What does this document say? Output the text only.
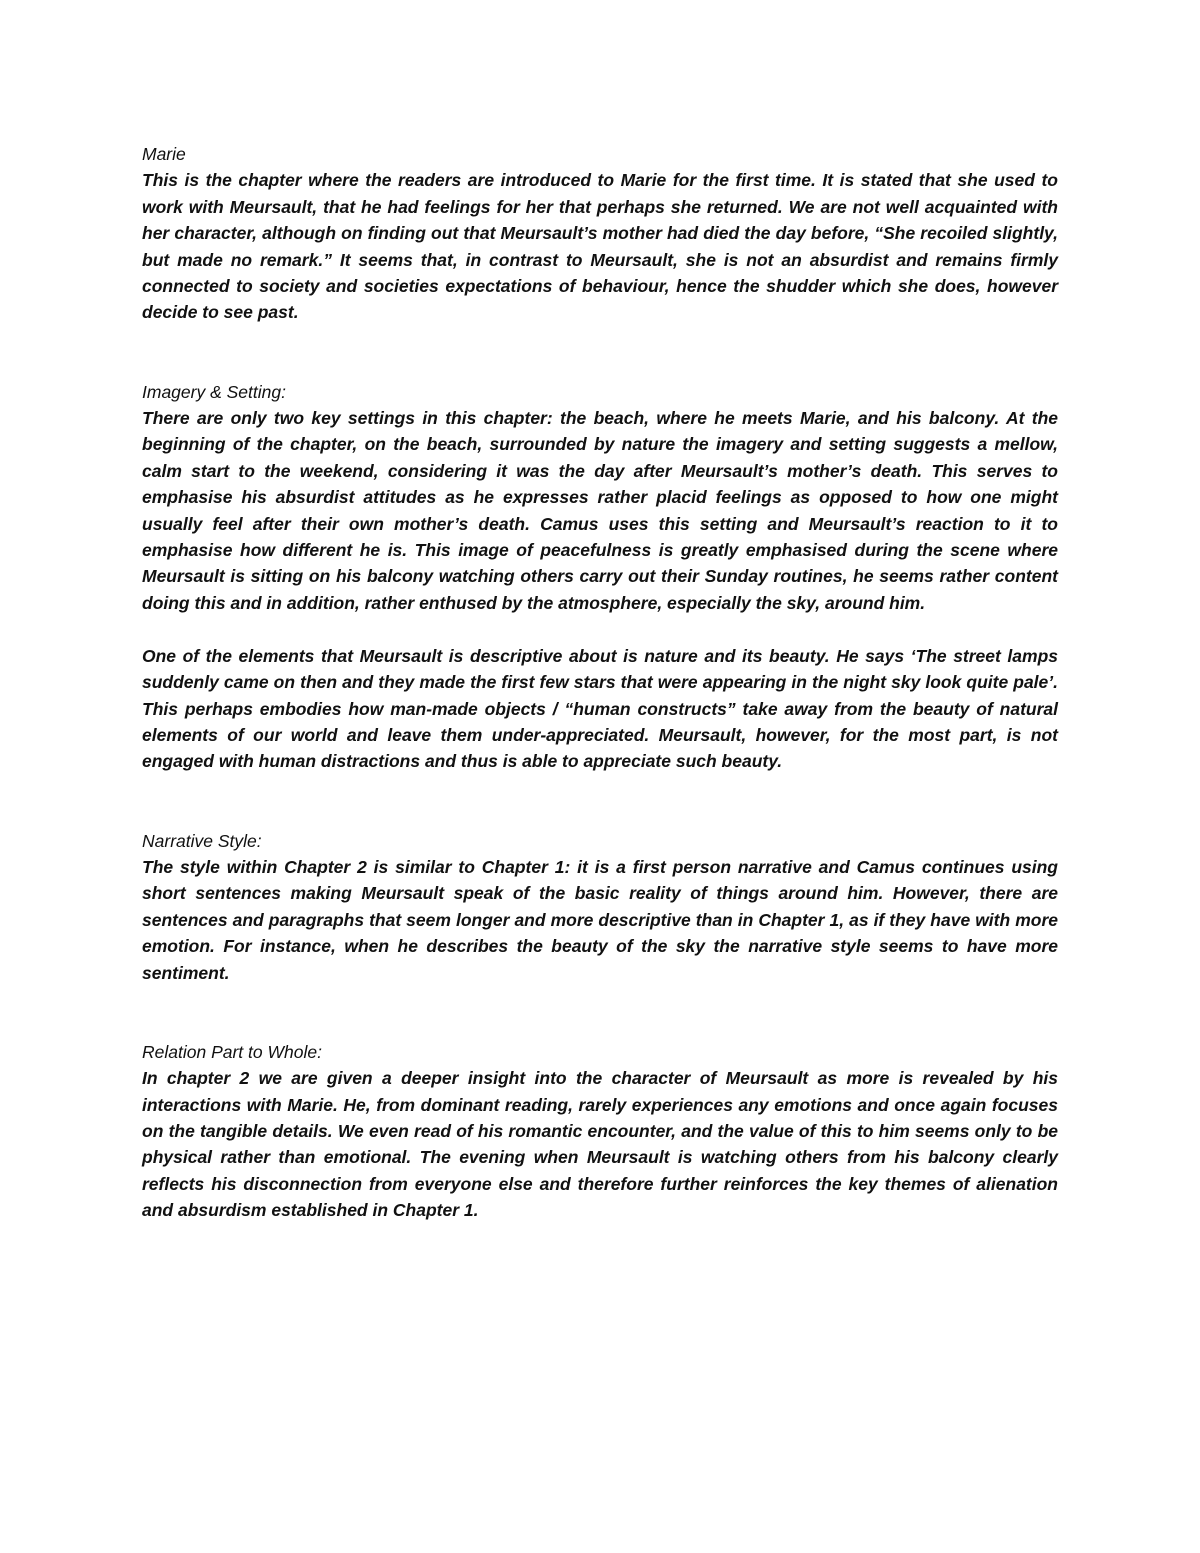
Marie

This is the chapter where the readers are introduced to Marie for the first time. It is stated that she used to work with Meursault, that he had feelings for her that perhaps she returned. We are not well acquainted with her character, although on finding out that Meursault’s mother had died the day before, “She recoiled slightly, but made no remark.” It seems that, in contrast to Meursault, she is not an absurdist and remains firmly connected to society and societies expectations of behaviour, hence the shudder which she does, however decide to see past.

Imagery & Setting:

There are only two key settings in this chapter: the beach, where he meets Marie, and his balcony. At the beginning of the chapter, on the beach, surrounded by nature the imagery and setting suggests a mellow, calm start to the weekend, considering it was the day after Meursault’s mother’s death. This serves to emphasise his absurdist attitudes as he expresses rather placid feelings as opposed to how one might usually feel after their own mother’s death. Camus uses this setting and Meursault’s reaction to it to emphasise how different he is. This image of peacefulness is greatly emphasised during the scene where Meursault is sitting on his balcony watching others carry out their Sunday routines, he seems rather content doing this and in addition, rather enthused by the atmosphere, especially the sky, around him.

One of the elements that Meursault is descriptive about is nature and its beauty. He says ‘The street lamps suddenly came on then and they made the first few stars that were appearing in the night sky look quite pale’. This perhaps embodies how man-made objects / “human constructs” take away from the beauty of natural elements of our world and leave them under-appreciated. Meursault, however, for the most part, is not engaged with human distractions and thus is able to appreciate such beauty.

Narrative Style:

The style within Chapter 2 is similar to Chapter 1: it is a first person narrative and Camus continues using short sentences making Meursault speak of the basic reality of things around him. However, there are sentences and paragraphs that seem longer and more descriptive than in Chapter 1, as if they have with more emotion. For instance, when he describes the beauty of the sky the narrative style seems to have more sentiment.

Relation Part to Whole:

In chapter 2 we are given a deeper insight into the character of Meursault as more is revealed by his interactions with Marie. He, from dominant reading, rarely experiences any emotions and once again focuses on the tangible details. We even read of his romantic encounter, and the value of this to him seems only to be physical rather than emotional. The evening when Meursault is watching others from his balcony clearly reflects his disconnection from everyone else and therefore further reinforces the key themes of alienation and absurdism established in Chapter 1.
